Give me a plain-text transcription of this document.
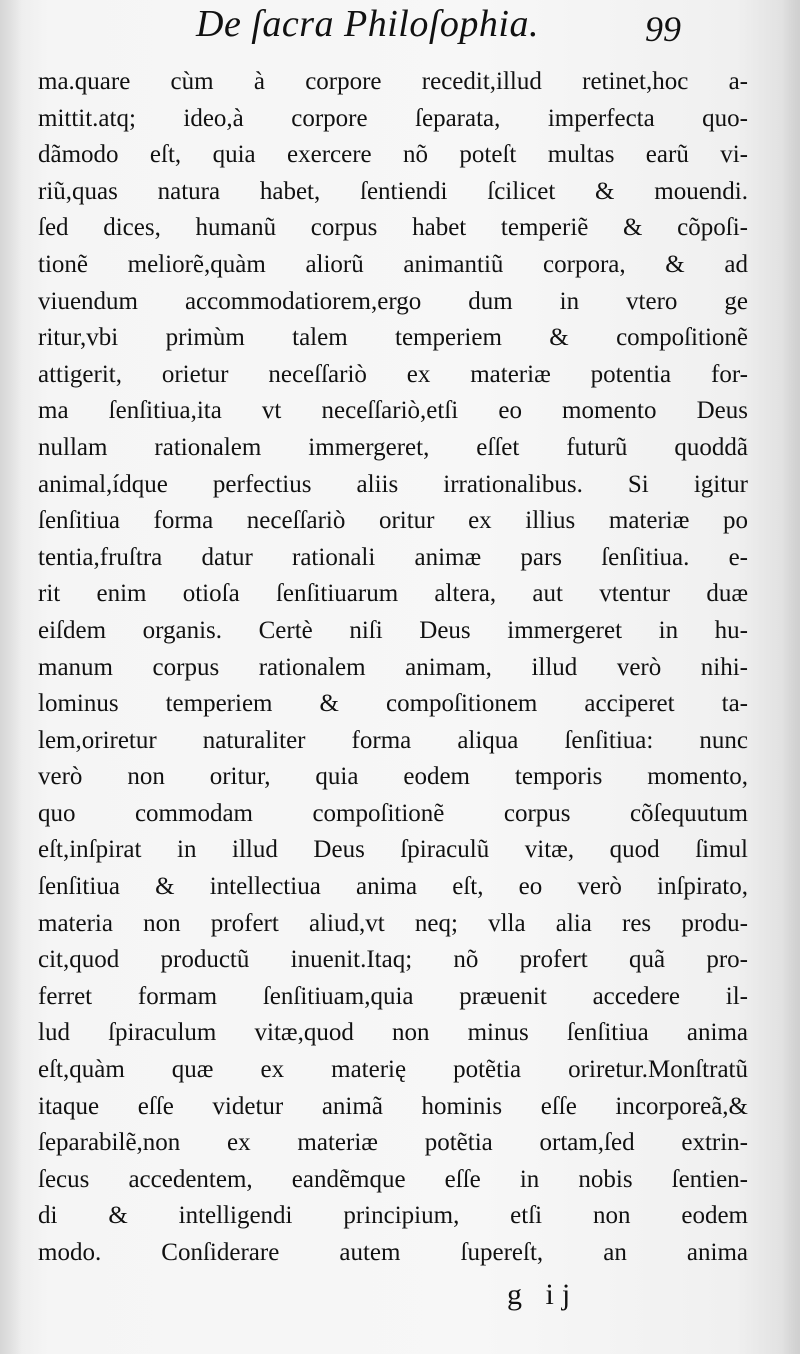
De ſacra Philoſophia.	99
ma.quare cùm à corpore recedit,illud retinet,hoc a-
mittit.atq; ideo,à corpore ſeparata, imperfecta quo-
dãmodo eſt, quia exercere nõ poteſt multas earũ vi-
riũ,quas natura habet, ſentiendi ſcilicet & mouendi.
ſed dices, humanũ corpus habet temperiẽ & cõpoſi-
tionẽ meliorẽ,quàm aliorũ animantiũ corpora, & ad
viuendum accommodatiorem,ergo dum in vtero ge
ritur,vbi primùm talem temperiem & compoſitionẽ
attigerit, orietur neceſſariò ex materiæ potentia for-
ma ſenſitiua,ita vt neceſſariò,etſi eo momento Deus
nullam rationalem immergeret, eſſet futurũ quoddã
animal,ídque perfectius aliis irrationalibus. Si igitur
ſenſitiua forma neceſſariò oritur ex illius materiæ po
tentia,fruſtra datur rationali animæ pars ſenſitiua. e-
rit enim otioſa ſenſitiuarum altera, aut vtentur duæ
eiſdem organis. Certè niſi Deus immergeret in hu-
manum corpus rationalem animam, illud verò nihi-
lominus temperiem & compoſitionem acciperet ta-
lem,oriretur naturaliter forma aliqua ſenſitiua: nunc
verò non oritur, quia eodem temporis momento,
quo commodam compoſitionẽ corpus cõſequutum
eſt,inſpirat in illud Deus ſpiraculũ vitæ, quod ſimul
ſenſitiua & intellectiua anima eſt, eo verò inſpirato,
materia non profert aliud,vt neq; vlla alia res produ-
cit,quod productũ inuenit.Itaq; nõ profert quã pro-
ferret formam ſenſitiuam,quia præuenit accedere il-
lud ſpiraculum vitæ,quod non minus ſenſitiua anima
eſt,quàm quæ ex materię potẽtia oriretur.Monſtratũ
itaque eſſe videtur animã hominis eſſe incorporeã,&
ſeparabilẽ,non ex materiæ potẽtia ortam,ſed extrin-
ſecus accedentem, eandẽmque eſſe in nobis ſentien-
di & intelligendi principium, etſi non eodem
modo. Conſiderare autem ſupereſt, an anima
g ij
